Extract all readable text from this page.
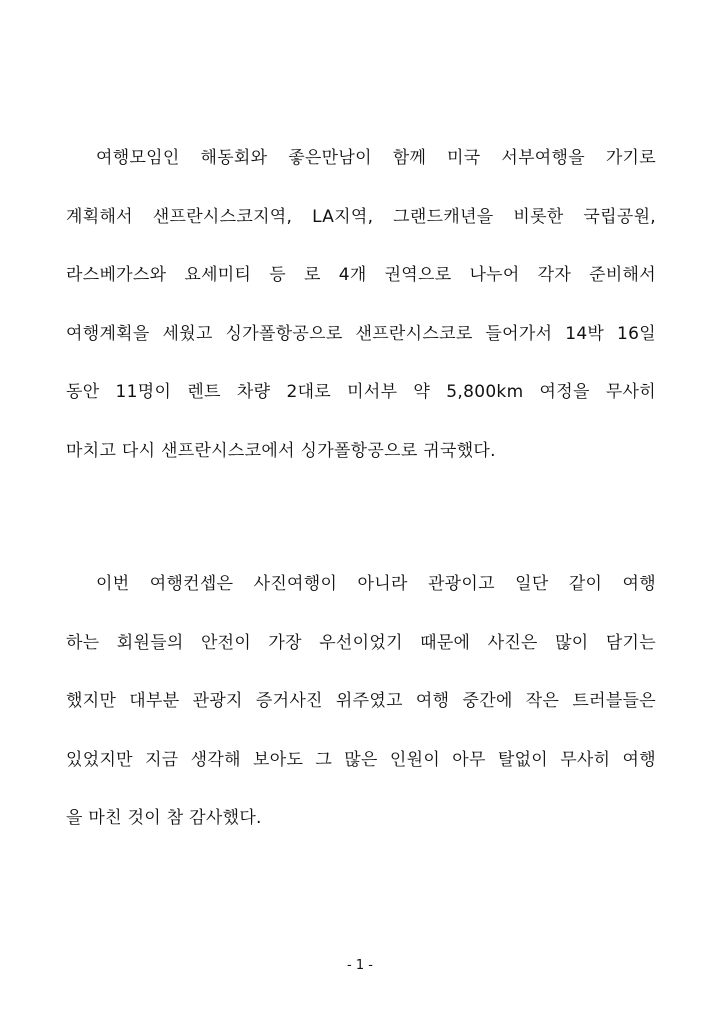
여행모임인 해동회와 좋은만남이 함께 미국 서부여행을 가기로
계획해서 샌프란시스코지역, LA지역, 그랜드캐년을 비롯한 국립공원,
라스베가스와 요세미티 등 로 4개 권역으로 나누어 각자 준비해서
여행계획을 세웠고 싱가폴항공으로 샌프란시스코로 들어가서 14박 16일
동안 11명이 렌트 차량 2대로 미서부 약 5,800km 여정을 무사히
마치고 다시 샌프란시스코에서 싱가폴항공으로 귀국했다.
이번 여행컨셉은 사진여행이 아니라 관광이고 일단 같이 여행
하는 회원들의 안전이 가장 우선이었기 때문에 사진은 많이 담기는
했지만 대부분 관광지 증거사진 위주였고 여행 중간에 작은 트러블들은
있었지만 지금 생각해 보아도 그 많은 인원이 아무 탈없이 무사히 여행
을 마친 것이 참 감사했다.
- 1 -
